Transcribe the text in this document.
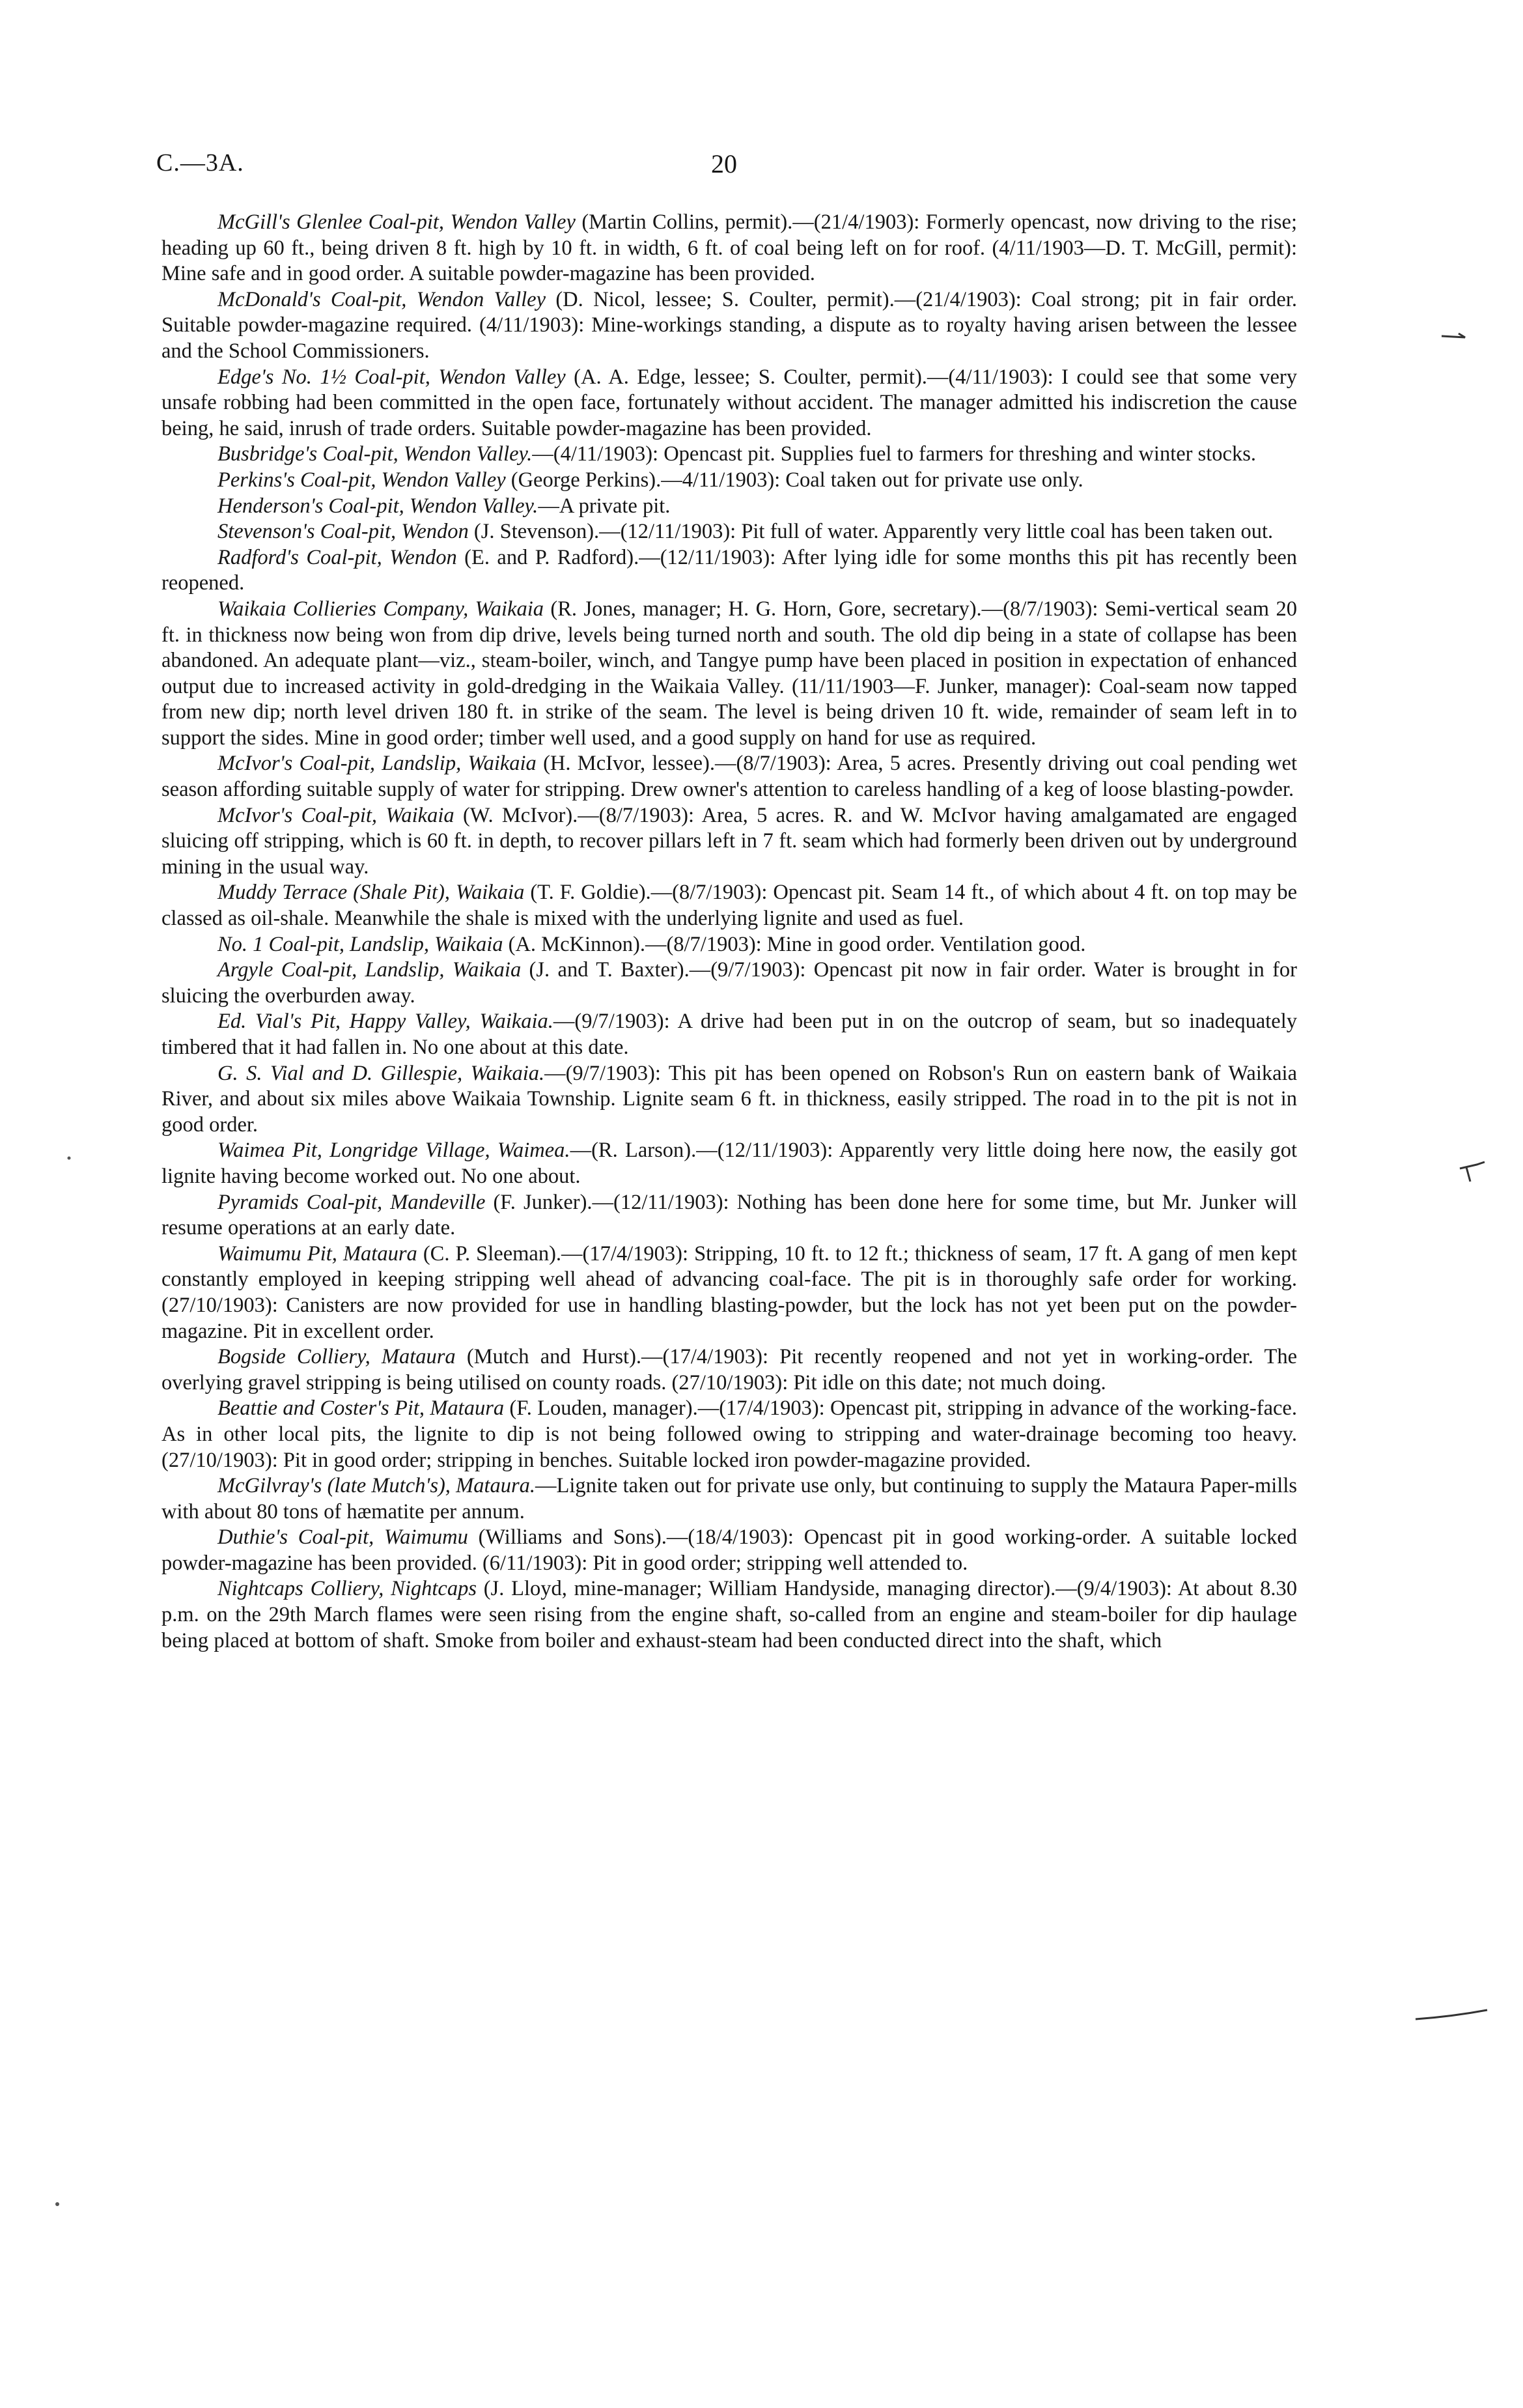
C.—3A.	20

McGill's Glenlee Coal-pit, Wendon Valley (Martin Collins, permit).—(21/4/1903): Formerly opencast, now driving to the rise; heading up 60 ft., being driven 8 ft. high by 10 ft. in width, 6 ft. of coal being left on for roof. (4/11/1903—D. T. McGill, permit): Mine safe and in good order. A suitable powder-magazine has been provided.

McDonald's Coal-pit, Wendon Valley (D. Nicol, lessee; S. Coulter, permit).—(21/4/1903): Coal strong; pit in fair order. Suitable powder-magazine required. (4/11/1903): Mine-workings standing, a dispute as to royalty having arisen between the lessee and the School Commissioners.

Edge's No. 1½ Coal-pit, Wendon Valley (A. A. Edge, lessee; S. Coulter, permit).—(4/11/1903): I could see that some very unsafe robbing had been committed in the open face, fortunately without accident. The manager admitted his indiscretion the cause being, he said, inrush of trade orders. Suitable powder-magazine has been provided.

Busbridge's Coal-pit, Wendon Valley.—(4/11/1903): Opencast pit. Supplies fuel to farmers for threshing and winter stocks.

Perkins's Coal-pit, Wendon Valley (George Perkins).—4/11/1903): Coal taken out for private use only.

Henderson's Coal-pit, Wendon Valley.—A private pit.

Stevenson's Coal-pit, Wendon (J. Stevenson).—(12/11/1903): Pit full of water. Apparently very little coal has been taken out.

Radford's Coal-pit, Wendon (E. and P. Radford).—(12/11/1903): After lying idle for some months this pit has recently been reopened.

Waikaia Collieries Company, Waikaia (R. Jones, manager; H. G. Horn, Gore, secretary).—(8/7/1903): Semi-vertical seam 20 ft. in thickness now being won from dip drive, levels being turned north and south. The old dip being in a state of collapse has been abandoned. An adequate plant—viz., steam-boiler, winch, and Tangye pump have been placed in position in expectation of enhanced output due to increased activity in gold-dredging in the Waikaia Valley. (11/11/1903—F. Junker, manager): Coal-seam now tapped from new dip; north level driven 180 ft. in strike of the seam. The level is being driven 10 ft. wide, remainder of seam left in to support the sides. Mine in good order; timber well used, and a good supply on hand for use as required.

McIvor's Coal-pit, Landslip, Waikaia (H. McIvor, lessee).—(8/7/1903): Area, 5 acres. Presently driving out coal pending wet season affording suitable supply of water for stripping. Drew owner's attention to careless handling of a keg of loose blasting-powder.

McIvor's Coal-pit, Waikaia (W. McIvor).—(8/7/1903): Area, 5 acres. R. and W. McIvor having amalgamated are engaged sluicing off stripping, which is 60 ft. in depth, to recover pillars left in 7 ft. seam which had formerly been driven out by underground mining in the usual way.

Muddy Terrace (Shale Pit), Waikaia (T. F. Goldie).—(8/7/1903): Opencast pit. Seam 14 ft., of which about 4 ft. on top may be classed as oil-shale. Meanwhile the shale is mixed with the underlying lignite and used as fuel.

No. 1 Coal-pit, Landslip, Waikaia (A. McKinnon).—(8/7/1903): Mine in good order. Ventilation good.

Argyle Coal-pit, Landslip, Waikaia (J. and T. Baxter).—(9/7/1903): Opencast pit now in fair order. Water is brought in for sluicing the overburden away.

Ed. Vial's Pit, Happy Valley, Waikaia.—(9/7/1903): A drive had been put in on the outcrop of seam, but so inadequately timbered that it had fallen in. No one about at this date.

G. S. Vial and D. Gillespie, Waikaia.—(9/7/1903): This pit has been opened on Robson's Run on eastern bank of Waikaia River, and about six miles above Waikaia Township. Lignite seam 6 ft. in thickness, easily stripped. The road in to the pit is not in good order.

Waimea Pit, Longridge Village, Waimea.—(R. Larson).—(12/11/1903): Apparently very little doing here now, the easily got lignite having become worked out. No one about.

Pyramids Coal-pit, Mandeville (F. Junker).—(12/11/1903): Nothing has been done here for some time, but Mr. Junker will resume operations at an early date.

Waimumu Pit, Mataura (C. P. Sleeman).—(17/4/1903): Stripping, 10 ft. to 12 ft.; thickness of seam, 17 ft. A gang of men kept constantly employed in keeping stripping well ahead of advancing coal-face. The pit is in thoroughly safe order for working. (27/10/1903): Canisters are now provided for use in handling blasting-powder, but the lock has not yet been put on the powder-magazine. Pit in excellent order.

Bogside Colliery, Mataura (Mutch and Hurst).—(17/4/1903): Pit recently reopened and not yet in working-order. The overlying gravel stripping is being utilised on county roads. (27/10/1903): Pit idle on this date; not much doing.

Beattie and Coster's Pit, Mataura (F. Louden, manager).—(17/4/1903): Opencast pit, stripping in advance of the working-face. As in other local pits, the lignite to dip is not being followed owing to stripping and water-drainage becoming too heavy. (27/10/1903): Pit in good order; stripping in benches. Suitable locked iron powder-magazine provided.

McGilvray's (late Mutch's), Mataura.—Lignite taken out for private use only, but continuing to supply the Mataura Paper-mills with about 80 tons of hæmatite per annum.

Duthie's Coal-pit, Waimumu (Williams and Sons).—(18/4/1903): Opencast pit in good working-order. A suitable locked powder-magazine has been provided. (6/11/1903): Pit in good order; stripping well attended to.

Nightcaps Colliery, Nightcaps (J. Lloyd, mine-manager; William Handyside, managing director).—(9/4/1903): At about 8.30 p.m. on the 29th March flames were seen rising from the engine shaft, so-called from an engine and steam-boiler for dip haulage being placed at bottom of shaft. Smoke from boiler and exhaust-steam had been conducted direct into the shaft, which
